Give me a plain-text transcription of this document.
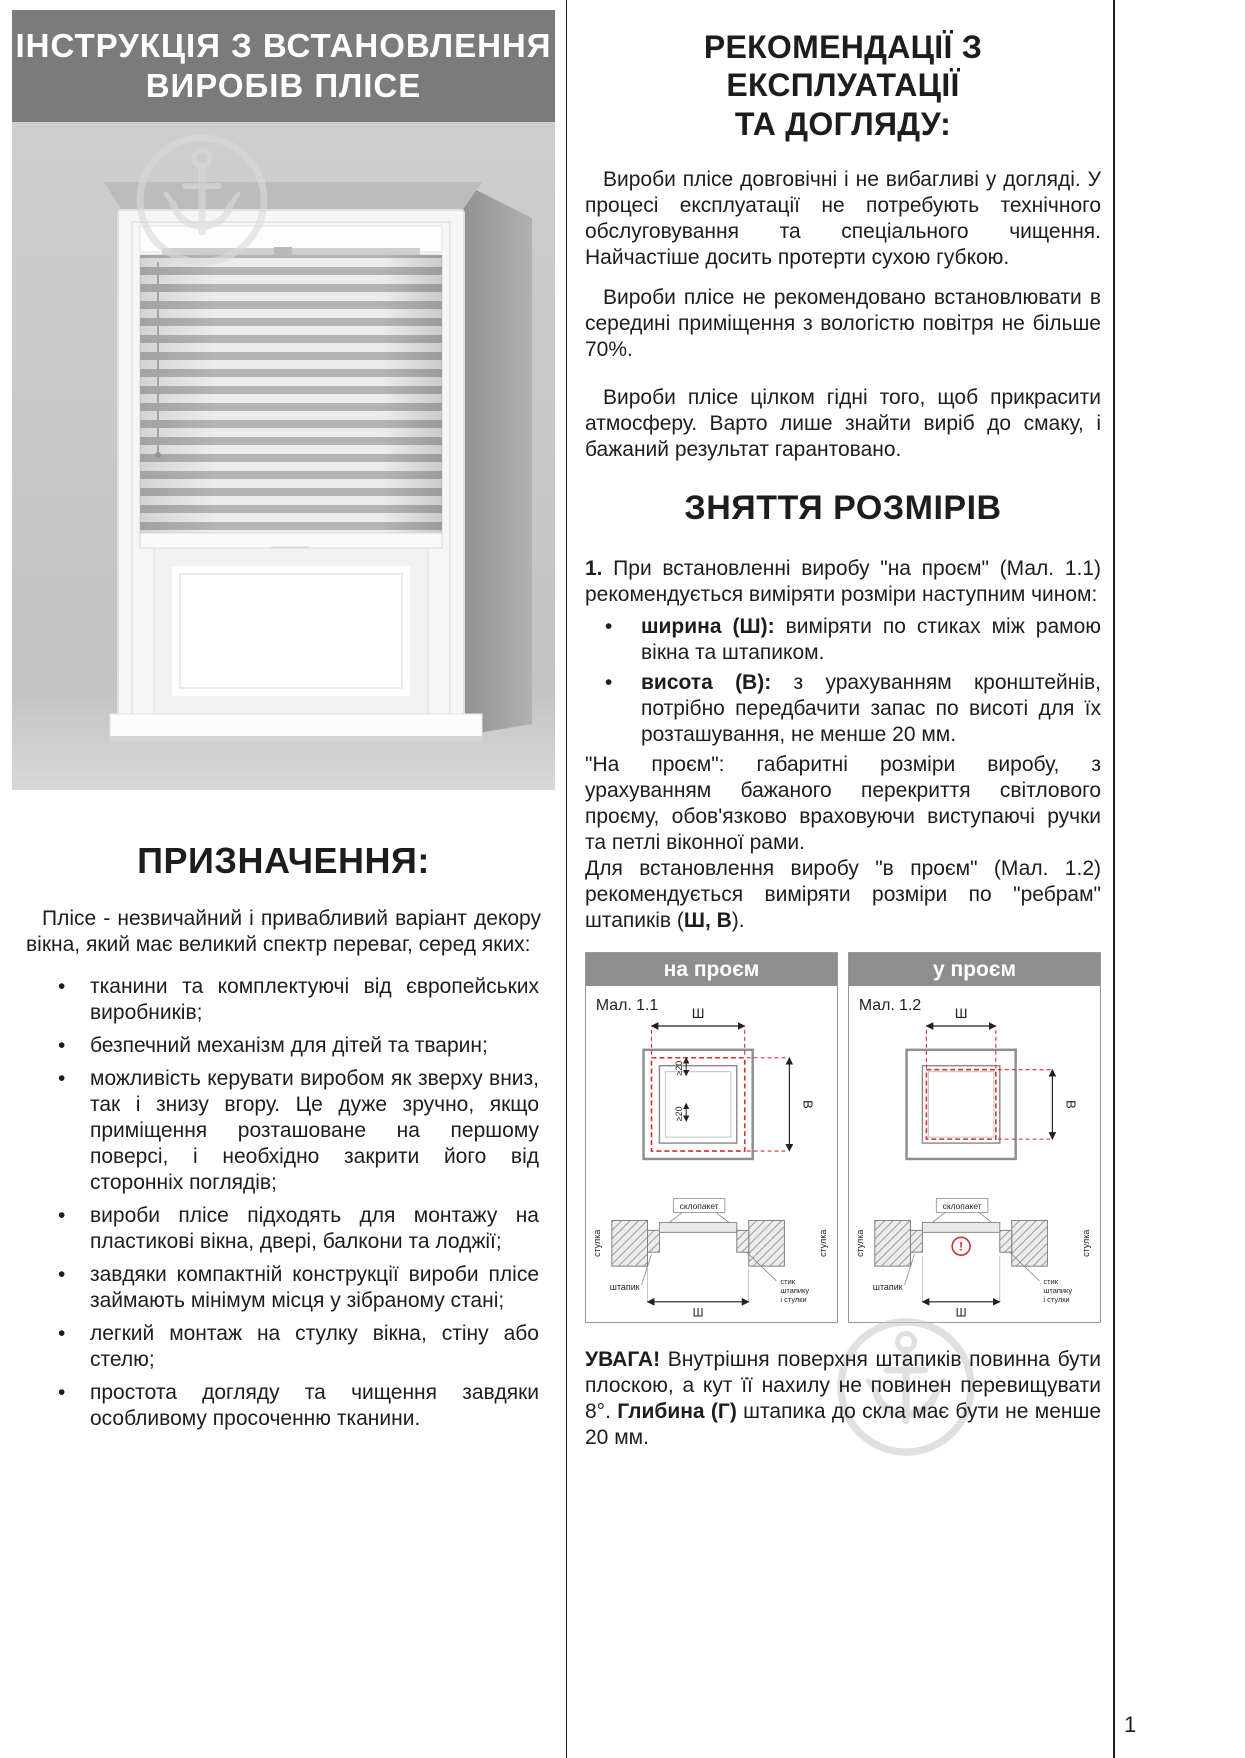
ІНСТРУКЦІЯ З ВСТАНОВЛЕННЯ
ВИРОБІВ ПЛІСЕ
ПРИЗНАЧЕННЯ:

Плісе - незвичайний і привабливий варіант декору вікна, який має великий спектр переваг, серед яких:

• тканини та комплектуючі від європейських виробників;
• безпечний механізм для дітей та тварин;
• можливість керувати виробом як зверху вниз, так і знизу вгору. Це дуже зручно, якщо приміщення розташоване на першому поверсі, і необхідно закрити його від сторонніх поглядів;
• вироби плісе підходять для монтажу на пластикові вікна, двері, балкони та лоджії;
• завдяки компактній конструкції вироби плісе займають мінімум місця у зібраному стані;
• легкий монтаж на стулку вікна, стіну або стелю;
• простота догляду та чищення завдяки особливому просоченню тканини.
1
РЕКОМЕНДАЦІЇ З ЕКСПЛУАТАЦІЇ
ТА ДОГЛЯДУ:

Вироби плісе довговічні і не вибагливі у догляді. У процесі експлуатації не потребують технічного обслуговування та спеціального чищення. Найчастіше досить протерти сухою губкою.

Вироби плісе не рекомендовано встановлювати в середині приміщення з вологістю повітря не більше 70%.

Вироби плісе цілком гідні того, щоб прикрасити атмосферу. Варто лише знайти виріб до смаку, і бажаний результат гарантовано.

ЗНЯТТЯ РОЗМІРІВ

1. При встановленні виробу "на проєм" (Мал. 1.1) рекомендується виміряти розміри наступним чином:

• ширина (Ш): виміряти по стиках між рамою вікна та штапиком.
• висота (В): з урахуванням кронштейнів, потрібно передбачити запас по висоті для їх розташування, не менше 20 мм.

"На проєм": габаритні розміри виробу, з урахуванням бажаного перекриття світлового проєму, обов'язково враховуючи виступаючі ручки та петлі віконної рами.

Для встановлення виробу "в проєм" (Мал. 1.2) рекомендується виміряти розміри по "ребрам" штапиків (Ш, В).

на проєм
Мал. 1.1 Ш
В
≥20
≥20
склопакет
стулка	стулка
штапик
Ш
стик
штапику
і стулки
у проєм
Мал. 1.2 Ш
В
склопакет
стулка	стулка
!
штапик
Ш
стик
штапику
і стулки

УВАГА! Внутрішня поверхня штапиків повинна бути плоскою, а кут її нахилу не повинен перевищувати 8°. Глибина (Г) штапика до скла має бути не менше 20 мм.
